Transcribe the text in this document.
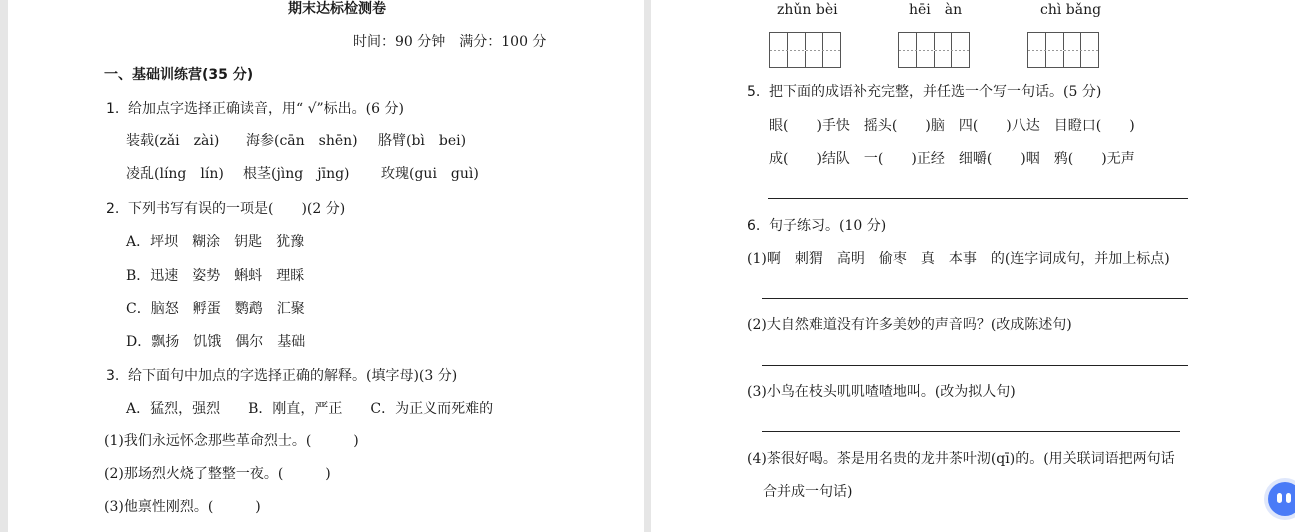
期末达标检测卷
时间：90 分钟　满分：100 分
一、基础训练营(35 分)
1. 给加点字选择正确读音，用“ √”标出。(6 分)
装载(zǎi　zài) 海参(cān　shēn) 胳臂(bì　bei)
凌乱(líng　lín) 根茎(jìng　jīng) 玫瑰(gui　guì)
2. 下列书写有误的一项是(　　)(2 分)
A．坪坝　糊涂　钥匙　犹豫
B．迅速　姿势　蝌蚪　理睬
C．脑怒　孵蛋　鹦鹉　汇聚
D．飘扬　饥饿　偶尔　基础
3. 给下面句中加点的字选择正确的解释。(填字母)(3 分)
A．猛烈，强烈　　B．刚直，严正　　C．为正义而死难的
(1)我们永远怀念那些革命烈士。(　　　)
(2)那场烈火烧了整整一夜。(　　　)
(3)他禀性刚烈。(　　　)
zhǔn bèi	hēi　àn	chì bǎng
5. 把下面的成语补充完整，并任选一个写一句话。(5 分)
眼(　　)手快　摇头(　　)脑　四(　　)八达　目瞪口(　　)
成(　　)结队　一(　　)正经　细嚼(　　)咽　鸦(　　)无声
6. 句子练习。(10 分)
(1)啊　刺猬　高明　偷枣　真　本事　的(连字词成句，并加上标点)
(2)大自然难道没有许多美妙的声音吗？(改成陈述句)
(3)小鸟在枝头叽叽喳喳地叫。(改为拟人句)
(4)茶很好喝。茶是用名贵的龙井茶叶沏(qī)的。(用关联词语把两句话
合并成一句话)
